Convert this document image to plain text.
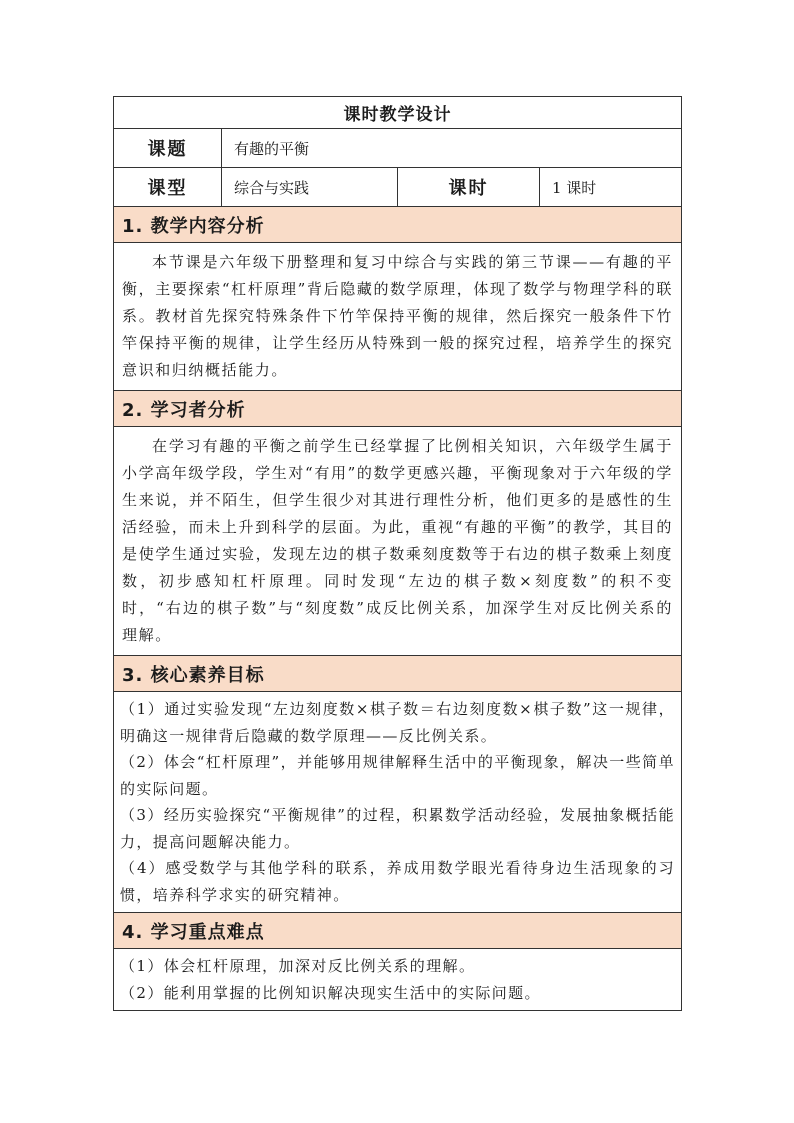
课时教学设计			
课题	有趣的平衡		
课型	综合与实践	课时	1 课时
1. 教学内容分析			

本节课是六年级下册整理和复习中综合与实践的第三节课——有趣的平衡，主要探索“杠杆原理”背后隐藏的数学原理，体现了数学与物理学科的联系。教材首先探究特殊条件下竹竿保持平衡的规律，然后探究一般条件下竹竿保持平衡的规律，让学生经历从特殊到一般的探究过程，培养学生的探究意识和归纳概括能力。			

2. 学习者分析			

在学习有趣的平衡之前学生已经掌握了比例相关知识，六年级学生属于小学高年级学段，学生对“有用”的数学更感兴趣，平衡现象对于六年级的学生来说，并不陌生，但学生很少对其进行理性分析，他们更多的是感性的生活经验，而未上升到科学的层面。为此，重视“有趣的平衡”的教学，其目的是使学生通过实验，发现左边的棋子数乘刻度数等于右边的棋子数乘上刻度数，初步感知杠杆原理。同时发现“左边的棋子数×刻度数”的积不变时，“右边的棋子数”与“刻度数”成反比例关系，加深学生对反比例关系的理解。			

3. 核心素养目标			

（1）通过实验发现“左边刻度数×棋子数＝右边刻度数×棋子数”这一规律，明确这一规律背后隐藏的数学原理——反比例关系。

（2）体会“杠杆原理”，并能够用规律解释生活中的平衡现象，解决一些简单的实际问题。

（3）经历实验探究“平衡规律”的过程，积累数学活动经验，发展抽象概括能力，提高问题解决能力。

（4）感受数学与其他学科的联系，养成用数学眼光看待身边生活现象的习惯，培养科学求实的研究精神。			

4. 学习重点难点			

（1）体会杠杆原理，加深对反比例关系的理解。

（2）能利用掌握的比例知识解决现实生活中的实际问题。			
